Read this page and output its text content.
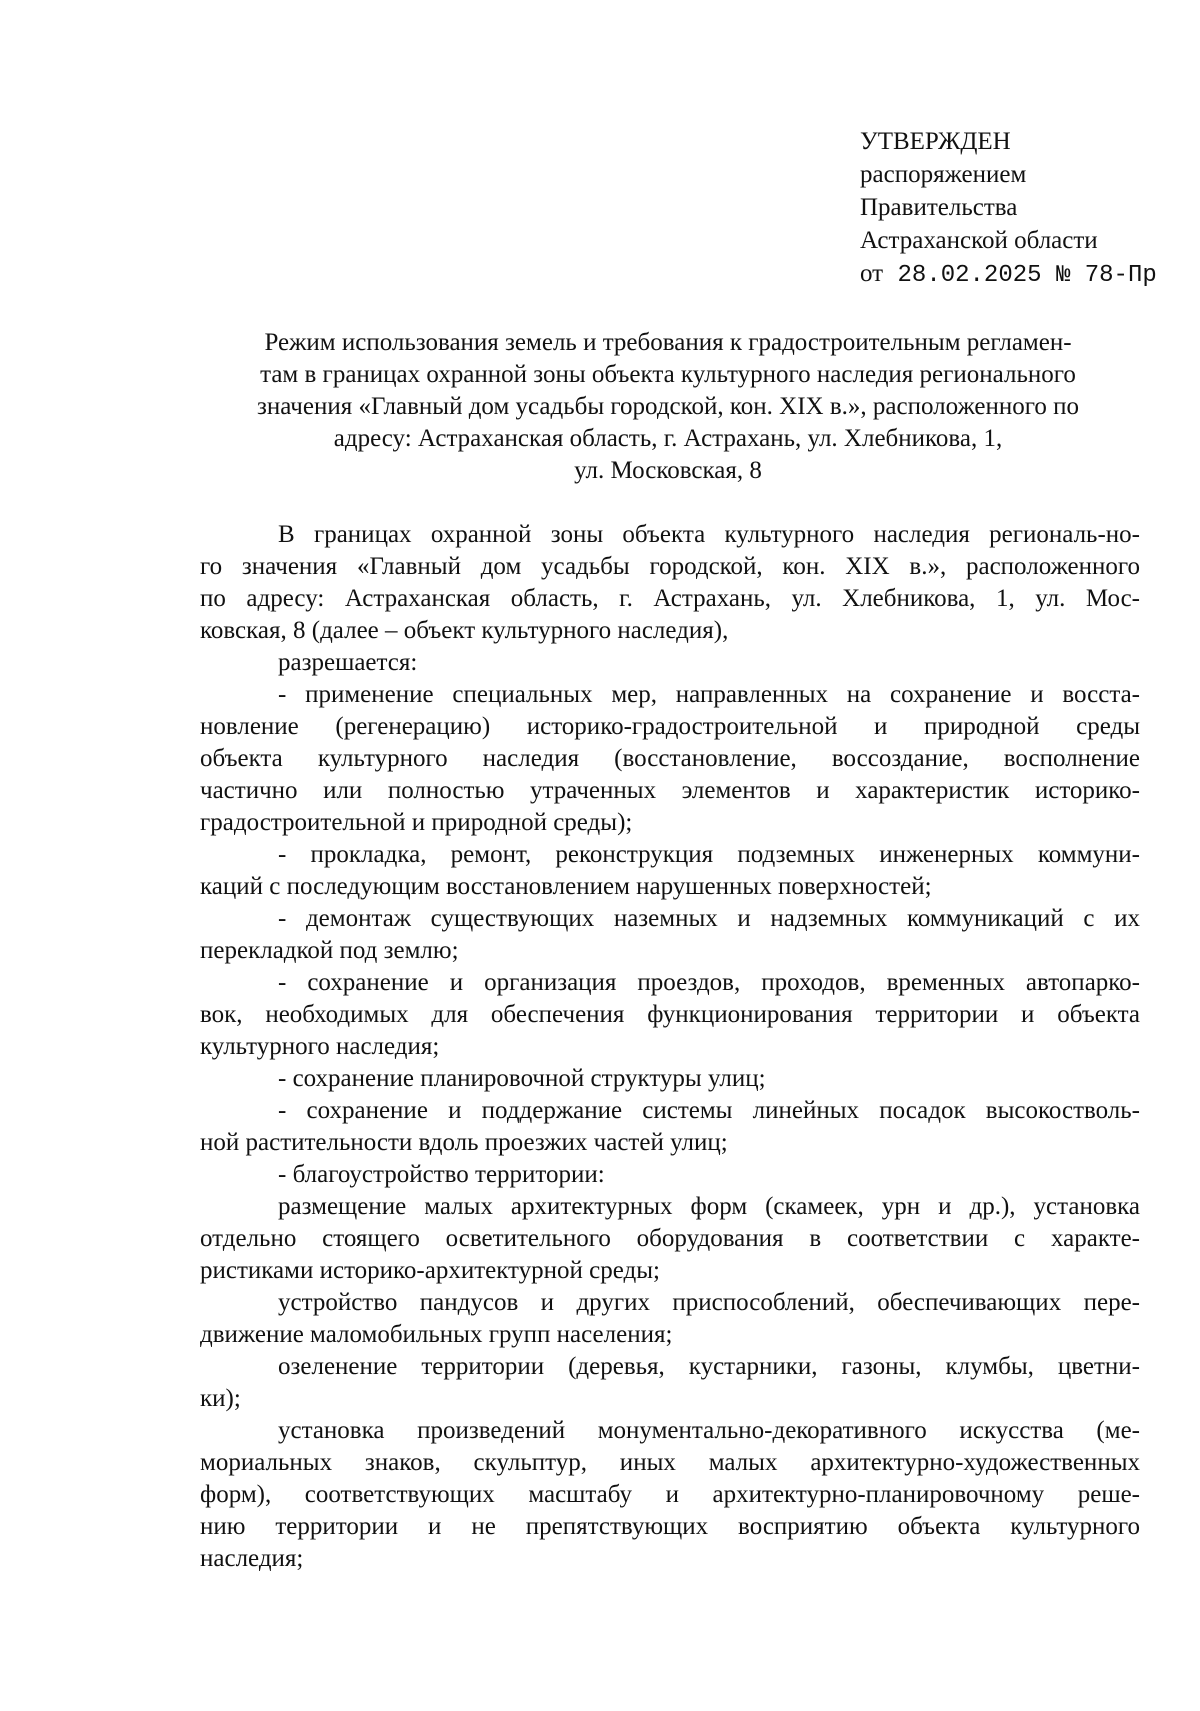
УТВЕРЖДЕН
распоряжением
Правительства
Астраханской области
от 28.02.2025 № 78-Пр
Режим использования земель и требования к градостроительным регламен-
там в границах охранной зоны объекта культурного наследия регионального
значения «Главный дом усадьбы городской, кон. XIX в.», расположенного по
адресу: Астраханская область, г. Астрахань, ул. Хлебникова, 1,
ул. Московская, 8
В границах охранной зоны объекта культурного наследия региональ-но-
го значения «Главный дом усадьбы городской, кон. XIX в.», расположенного
по адресу: Астраханская область, г. Астрахань, ул. Хлебникова, 1, ул. Мос-
ковская, 8 (далее – объект культурного наследия),
разрешается:
- применение специальных мер, направленных на сохранение и восста-
новление (регенерацию) историко-градостроительной и природной среды
объекта культурного наследия (восстановление, воссоздание, восполнение
частично или полностью утраченных элементов и характеристик историко-
градостроительной и природной среды);
- прокладка, ремонт, реконструкция подземных инженерных коммуни-
каций с последующим восстановлением нарушенных поверхностей;
- демонтаж существующих наземных и надземных коммуникаций с их
перекладкой под землю;
- сохранение и организация проездов, проходов, временных автопарко-
вок, необходимых для обеспечения функционирования территории и объекта
культурного наследия;
- сохранение планировочной структуры улиц;
- сохранение и поддержание системы линейных посадок высокостволь-
ной растительности вдоль проезжих частей улиц;
- благоустройство территории:
размещение малых архитектурных форм (скамеек, урн и др.), установка
отдельно стоящего осветительного оборудования в соответствии с характе-
ристиками историко-архитектурной среды;
устройство пандусов и других приспособлений, обеспечивающих пере-
движение маломобильных групп населения;
озеленение территории (деревья, кустарники, газоны, клумбы, цветни-
ки);
установка произведений монументально-декоративного искусства (ме-
мориальных знаков, скульптур, иных малых архитектурно-художественных
форм), соответствующих масштабу и архитектурно-планировочному реше-
нию территории и не препятствующих восприятию объекта культурного
наследия;
